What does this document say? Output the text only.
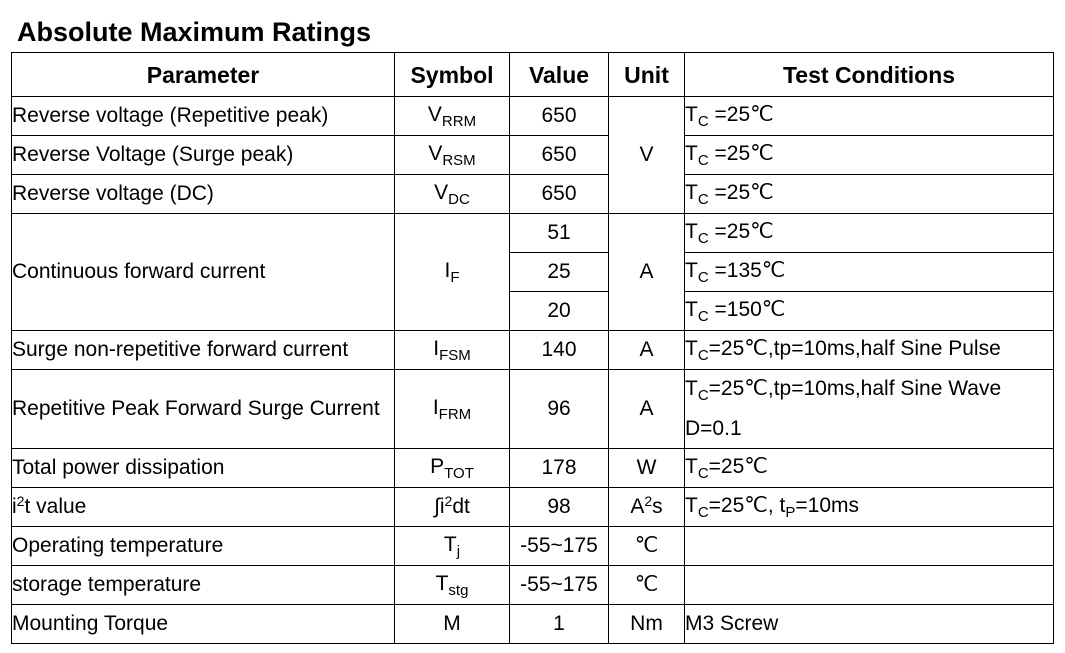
Absolute Maximum Ratings
Parameter	Symbol	Value	Unit	Test Conditions
Reverse voltage (Repetitive peak)	$V_{RRM}$	650	V	$T_C$ =25℃
Reverse Voltage (Surge peak)	$V_{RSM}$	650		$T_C$ =25℃
Reverse voltage (DC)	$V_{DC}$	650		$T_C$ =25℃
Continuous forward current	$I_F$	51	A	$T_C$ =25℃
		25		$T_C$ =135℃
		20		$T_C$ =150℃
Surge non-repetitive forward current	$I_{FSM}$	140	A	$T_C=25℃,tp=10ms,half$ Sine Pulse
Repetitive Peak Forward Surge Current	$I_{FRM}$	96	A	$T_C=25℃,tp=10ms,half$ Sine Wave
D=0.1
Total power dissipation	$P_{TOT}$	178	W	$T_C=25℃$
$i^2t$ value	$\int i^2dt$	98	$A^2s$	$T_C=25℃$, $t_P=10ms$
Operating temperature	$T_j$	-55~175	℃	
storage temperature	$T_{stg}$	-55~175	℃	
Mounting Torque	M	1	Nm	M3 Screw
